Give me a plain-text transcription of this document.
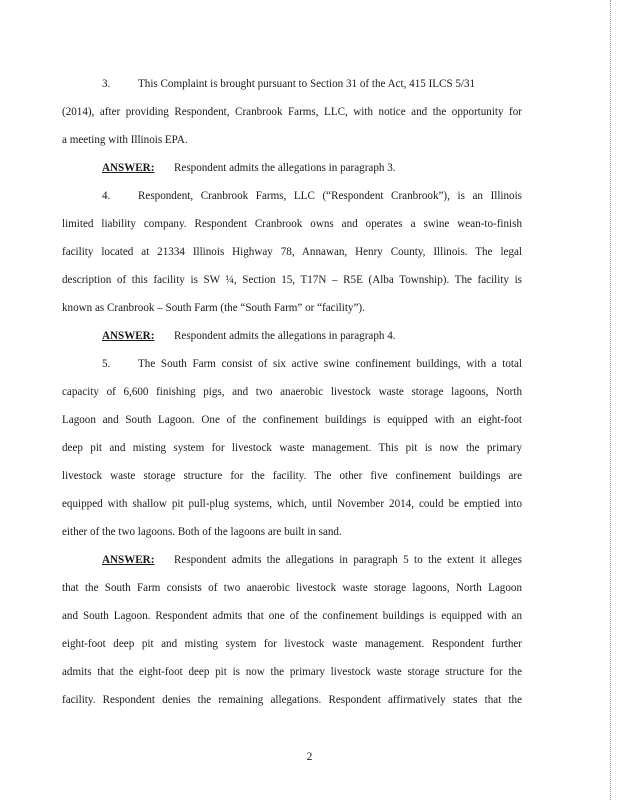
3. This Complaint is brought pursuant to Section 31 of the Act, 415 ILCS 5/31
(2014), after providing Respondent, Cranbrook Farms, LLC, with notice and the opportunity for
a meeting with Illinois EPA.
ANSWER: Respondent admits the allegations in paragraph 3.
4. Respondent, Cranbrook Farms, LLC (“Respondent Cranbrook”), is an Illinois
limited liability company. Respondent Cranbrook owns and operates a swine wean-to-finish
facility located at 21334 Illinois Highway 78, Annawan, Henry County, Illinois. The legal
description of this facility is SW ¼, Section 15, T17N – R5E (Alba Township). The facility is
known as Cranbrook – South Farm (the “South Farm” or “facility”).
ANSWER: Respondent admits the allegations in paragraph 4.
5. The South Farm consist of six active swine confinement buildings, with a total
capacity of 6,600 finishing pigs, and two anaerobic livestock waste storage lagoons, North
Lagoon and South Lagoon. One of the confinement buildings is equipped with an eight-foot
deep pit and misting system for livestock waste management. This pit is now the primary
livestock waste storage structure for the facility. The other five confinement buildings are
equipped with shallow pit pull-plug systems, which, until November 2014, could be emptied into
either of the two lagoons. Both of the lagoons are built in sand.
ANSWER: Respondent admits the allegations in paragraph 5 to the extent it alleges
that the South Farm consists of two anaerobic livestock waste storage lagoons, North Lagoon
and South Lagoon. Respondent admits that one of the confinement buildings is equipped with an
eight-foot deep pit and misting system for livestock waste management. Respondent further
admits that the eight-foot deep pit is now the primary livestock waste storage structure for the
facility. Respondent denies the remaining allegations. Respondent affirmatively states that the
2
